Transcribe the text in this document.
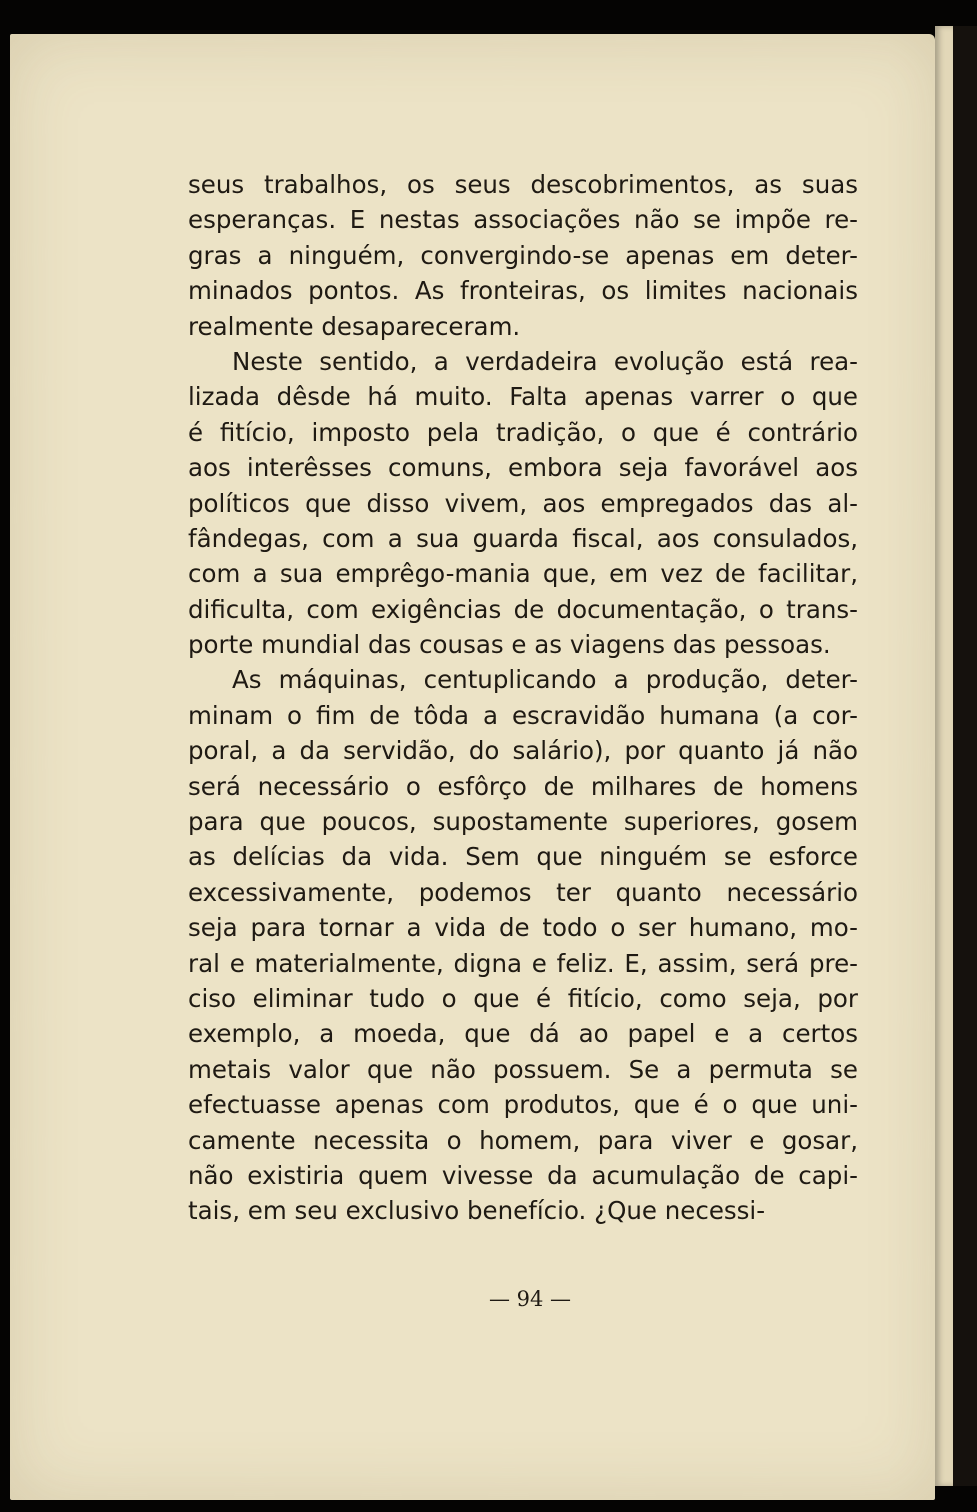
seus trabalhos, os seus descobrimentos, as suas
esperanças. E nestas associações não se impõe re-
gras a ninguém, convergindo-se apenas em deter-
minados pontos. As fronteiras, os limites nacionais
realmente desapareceram.
Neste sentido, a verdadeira evolução está rea-
lizada dêsde há muito. Falta apenas varrer o que
é fitício, imposto pela tradição, o que é contrário
aos interêsses comuns, embora seja favorável aos
políticos que disso vivem, aos empregados das al-
fândegas, com a sua guarda fiscal, aos consulados,
com a sua emprêgo-mania que, em vez de facilitar,
dificulta, com exigências de documentação, o trans-
porte mundial das cousas e as viagens das pessoas.
As máquinas, centuplicando a produção, deter-
minam o fim de tôda a escravidão humana (a cor-
poral, a da servidão, do salário), por quanto já não
será necessário o esfôrço de milhares de homens
para que poucos, supostamente superiores, gosem
as delícias da vida. Sem que ninguém se esforce
excessivamente, podemos ter quanto necessário
seja para tornar a vida de todo o ser humano, mo-
ral e materialmente, digna e feliz. E, assim, será pre-
ciso eliminar tudo o que é fitício, como seja, por
exemplo, a moeda, que dá ao papel e a certos
metais valor que não possuem. Se a permuta se
efectuasse apenas com produtos, que é o que uni-
camente necessita o homem, para viver e gosar,
não existiria quem vivesse da acumulação de capi-
tais, em seu exclusivo benefício. ¿Que necessi-
— 94 —
